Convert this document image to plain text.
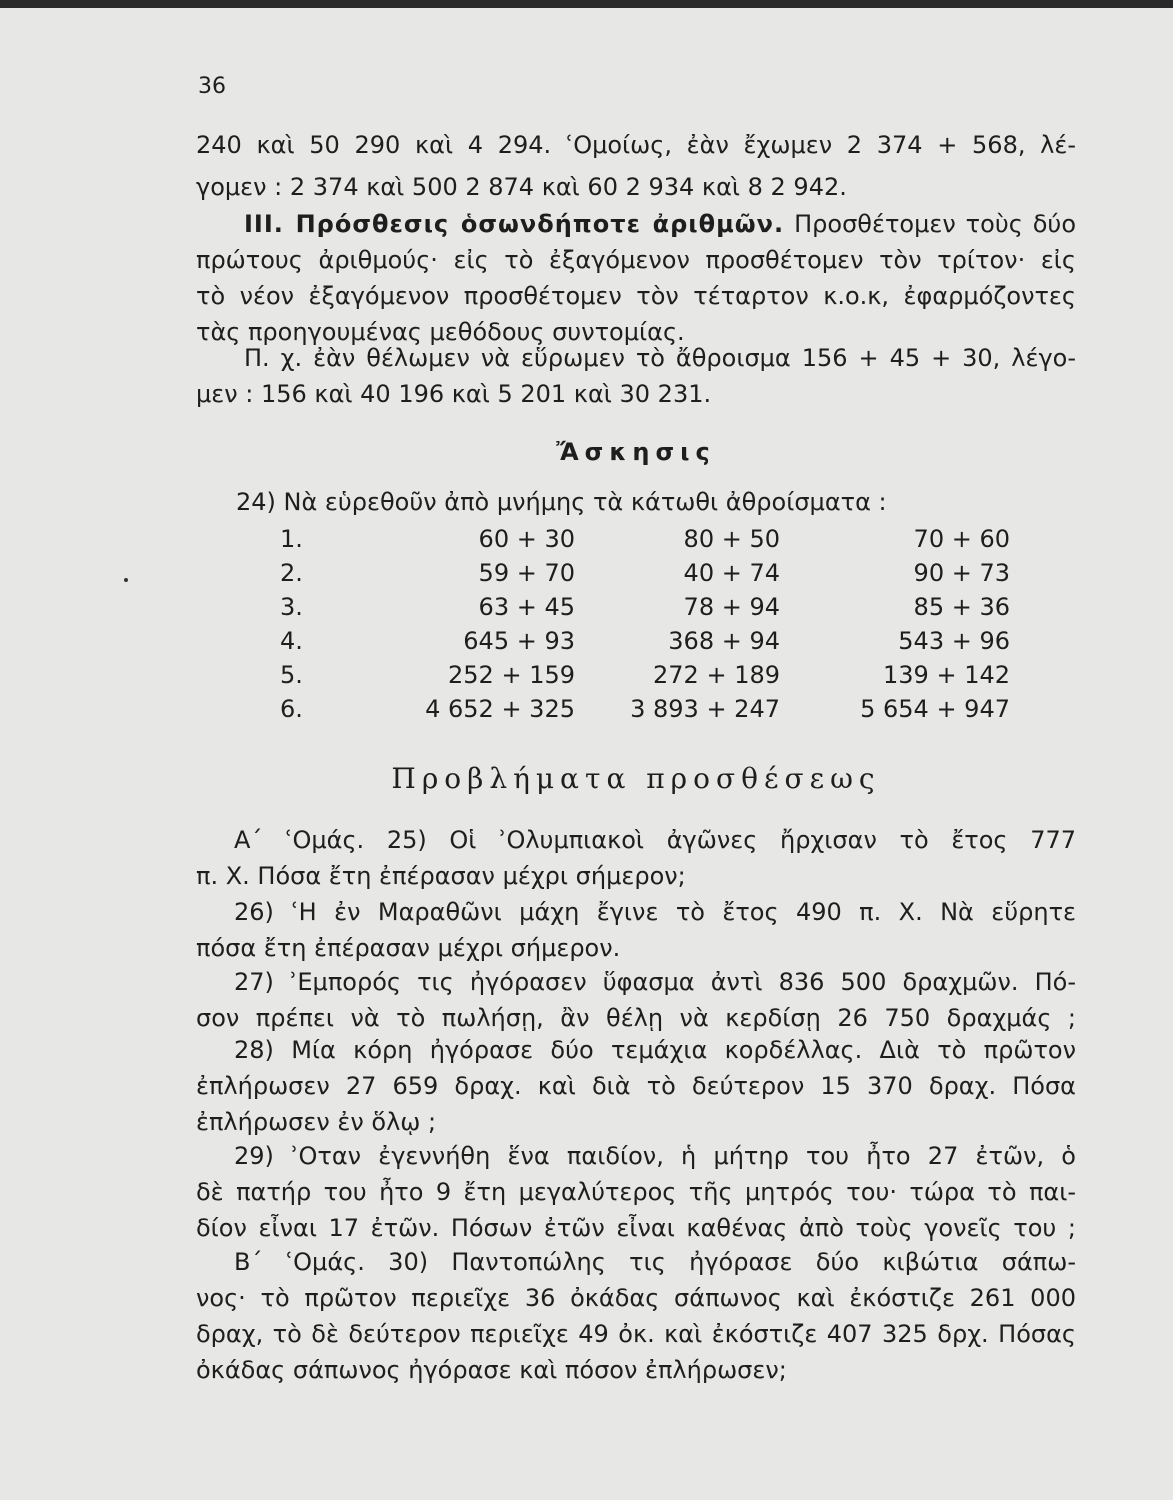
36
240 καὶ 50 290 καὶ 4 294. ʿΟμοίως, ἐὰν ἔχωμεν 2 374 + 568, λέ-
γομεν : 2 374 καὶ 500 2 874 καὶ 60 2 934 καὶ 8 2 942.
III. Πρόσθεσις ὁσωνδήποτε ἀριθμῶν. Προσθέτομεν τοὺς δύο
πρώτους ἀριθμούς· εἰς τὸ ἐξαγόμενον προσθέτομεν τὸν τρίτον· εἰς
τὸ νέον ἐξαγόμενον προσθέτομεν τὸν τέταρτον κ.ο.κ, ἐφαρμόζοντες
τὰς προηγουμένας μεθόδους συντομίας.
Π. χ. ἐὰν θέλωμεν νὰ εὕρωμεν τὸ ἄθροισμα 156 + 45 + 30, λέγο-
μεν : 156 καὶ 40 196 καὶ 5 201 καὶ 30 231.
Ἄσκησις
24) Νὰ εὑρεθοῦν ἀπὸ μνήμης τὰ κάτωθι ἀθροίσματα :
1.	60 + 30	80 + 50	70 + 60
2.	59 + 70	40 + 74	90 + 73
3.	63 + 45	78 + 94	85 + 36
4.	645 + 93	368 + 94	543 + 96
5.	252 + 159	272 + 189	139 + 142
6.	4 652 + 325	3 893 + 247	5 654 + 947
Προβλήματα προσθέσεως
Α΄ ʿΟμάς. 25) Οἱ ʾΟλυμπιακοὶ ἀγῶνες ἤρχισαν τὸ ἔτος 777
π. Χ. Πόσα ἔτη ἐπέρασαν μέχρι σήμερον;
26) ʿΗ ἐν Μαραθῶνι μάχη ἔγινε τὸ ἔτος 490 π. Χ. Νὰ εὕρητε
πόσα ἔτη ἐπέρασαν μέχρι σήμερον.
27) ʾΕμπορός τις ἠγόρασεν ὕφασμα ἀντὶ 836 500 δραχμῶν. Πό-
σον πρέπει νὰ τὸ πωλήσῃ, ἂν θέλῃ νὰ κερδίσῃ 26 750 δραχμάς ;
28) Μία κόρη ἠγόρασε δύο τεμάχια κορδέλλας. Διὰ τὸ πρῶτον
ἐπλήρωσεν 27 659 δραχ. καὶ διὰ τὸ δεύτερον 15 370 δραχ. Πόσα
ἐπλήρωσεν ἐν ὅλῳ ;
29) ʾΟταν ἐγεννήθη ἕνα παιδίον, ἡ μήτηρ του ἦτο 27 ἐτῶν, ὁ
δὲ πατήρ του ἦτο 9 ἔτη μεγαλύτερος τῆς μητρός του· τώρα τὸ παι-
δίον εἶναι 17 ἐτῶν. Πόσων ἐτῶν εἶναι καθένας ἀπὸ τοὺς γονεῖς του ;
Β΄ ʿΟμάς. 30) Παντοπώλης τις ἠγόρασε δύο κιβώτια σάπω-
νος· τὸ πρῶτον περιεῖχε 36 ὀκάδας σάπωνος καὶ ἐκόστιζε 261 000
δραχ, τὸ δὲ δεύτερον περιεῖχε 49 ὀκ. καὶ ἐκόστιζε 407 325 δρχ. Πόσας
ὀκάδας σάπωνος ἠγόρασε καὶ πόσον ἐπλήρωσεν;
